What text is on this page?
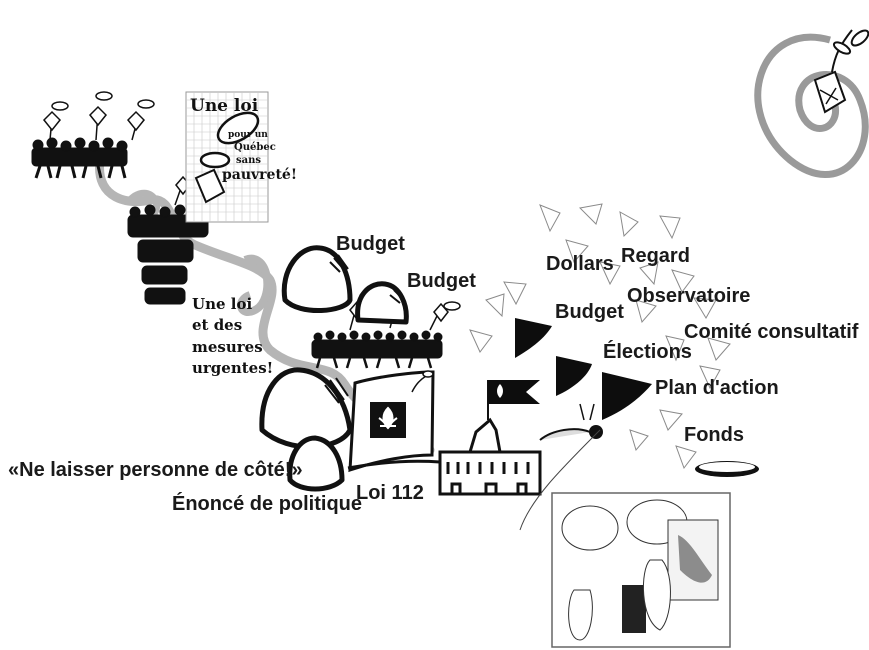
Une loi
pour un
Québec
sans
pauvreté!
Une loi
et des
mesures
urgentes!

Budget

Budget

Budget

Dollars Regard

Observatoire

Comité consultatif

Élections

Plan d'action

Fonds

Loi 112

«Ne laisser personne de côté!»

Énoncé de politique
